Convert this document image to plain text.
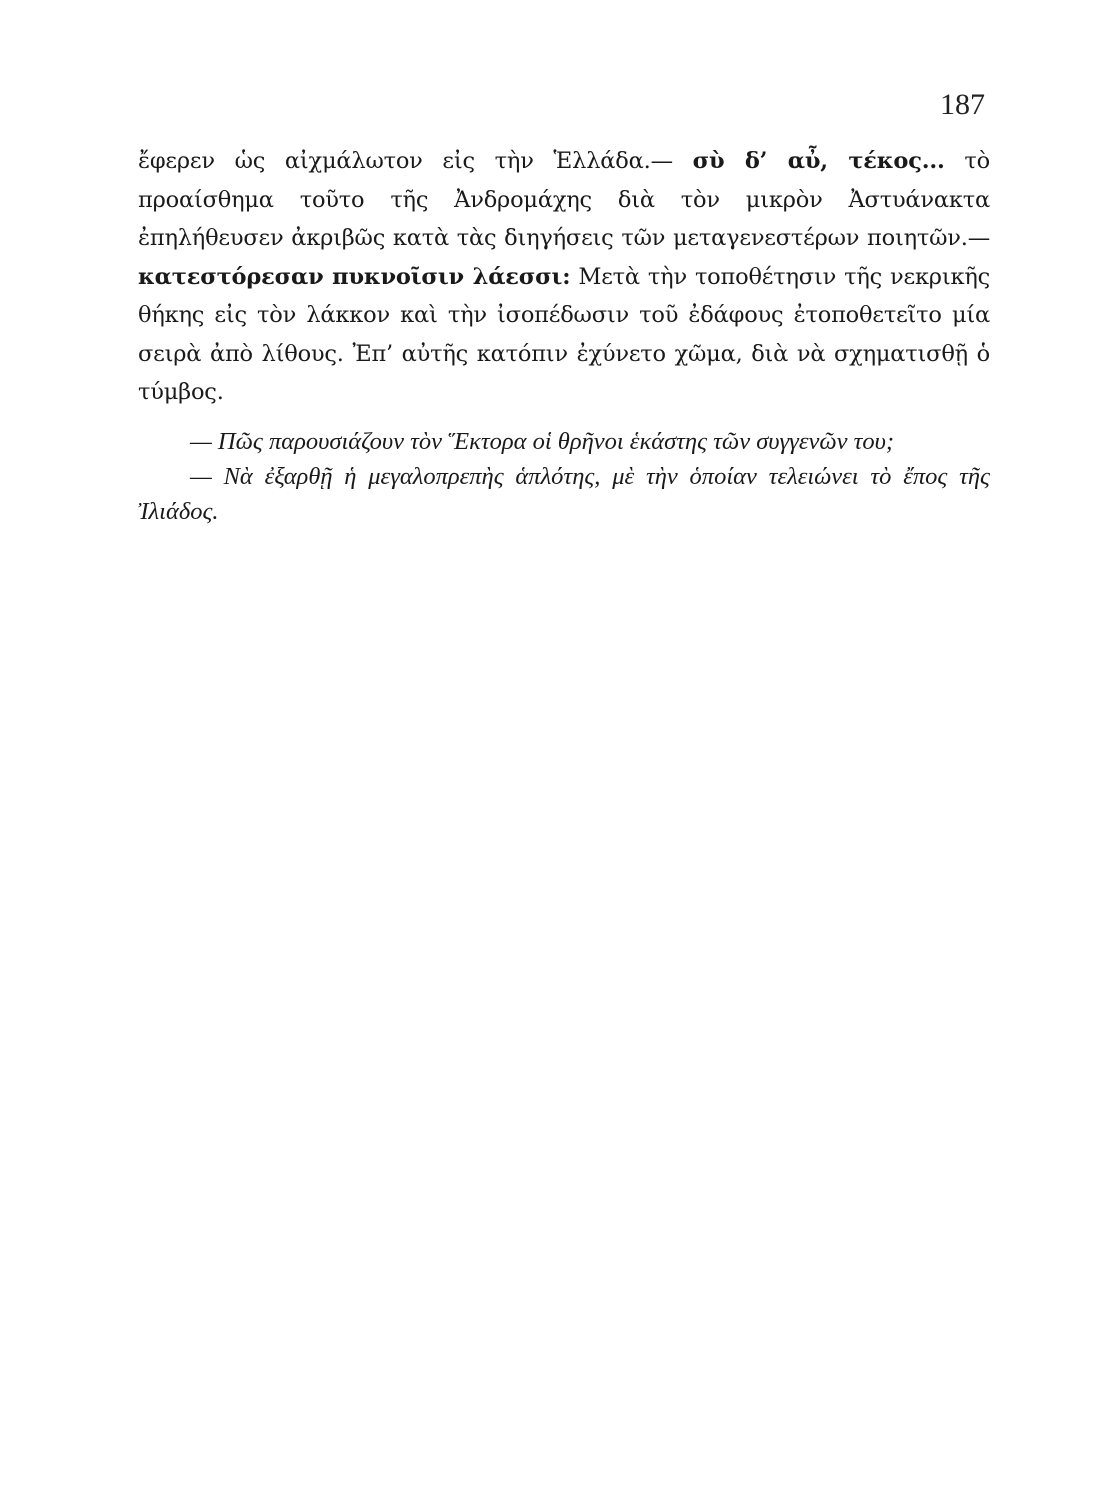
187
ἔφερεν ὡς αἰχμάλωτον εἰς τὴν Ἑλλάδα.— σὺ δ’ αὖ, τέκος... τὸ προαίσθημα τοῦτο τῆς Ἀνδρομάχης διὰ τὸν μικρὸν Ἀστυάνακτα ἐπηλήθευσεν ἀκριβῶς κατὰ τὰς διηγήσεις τῶν μεταγενεστέρων ποιητῶν.— κατεστόρεσαν πυκνοῖσιν λάεσσι: Μετὰ τὴν τοποθέτησιν τῆς νεκρικῆς θήκης εἰς τὸν λάκκον καὶ τὴν ἰσοπέδωσιν τοῦ ἐδάφους ἐτοποθετεῖτο μία σειρὰ ἀπὸ λίθους. Ἐπ’ αὐτῆς κατόπιν ἐχύνετο χῶμα, διὰ νὰ σχηματισθῇ ὁ τύμβος.

— Πῶς παρουσιάζουν τὸν Ἕκτορα οἱ θρῆνοι ἑκάστης τῶν συγγενῶν του;

— Νὰ ἐξαρθῇ ἡ μεγαλοπρεπὴς ἁπλότης, μὲ τὴν ὁποίαν τελειώνει τὸ ἔπος τῆς Ἰλιάδος.
